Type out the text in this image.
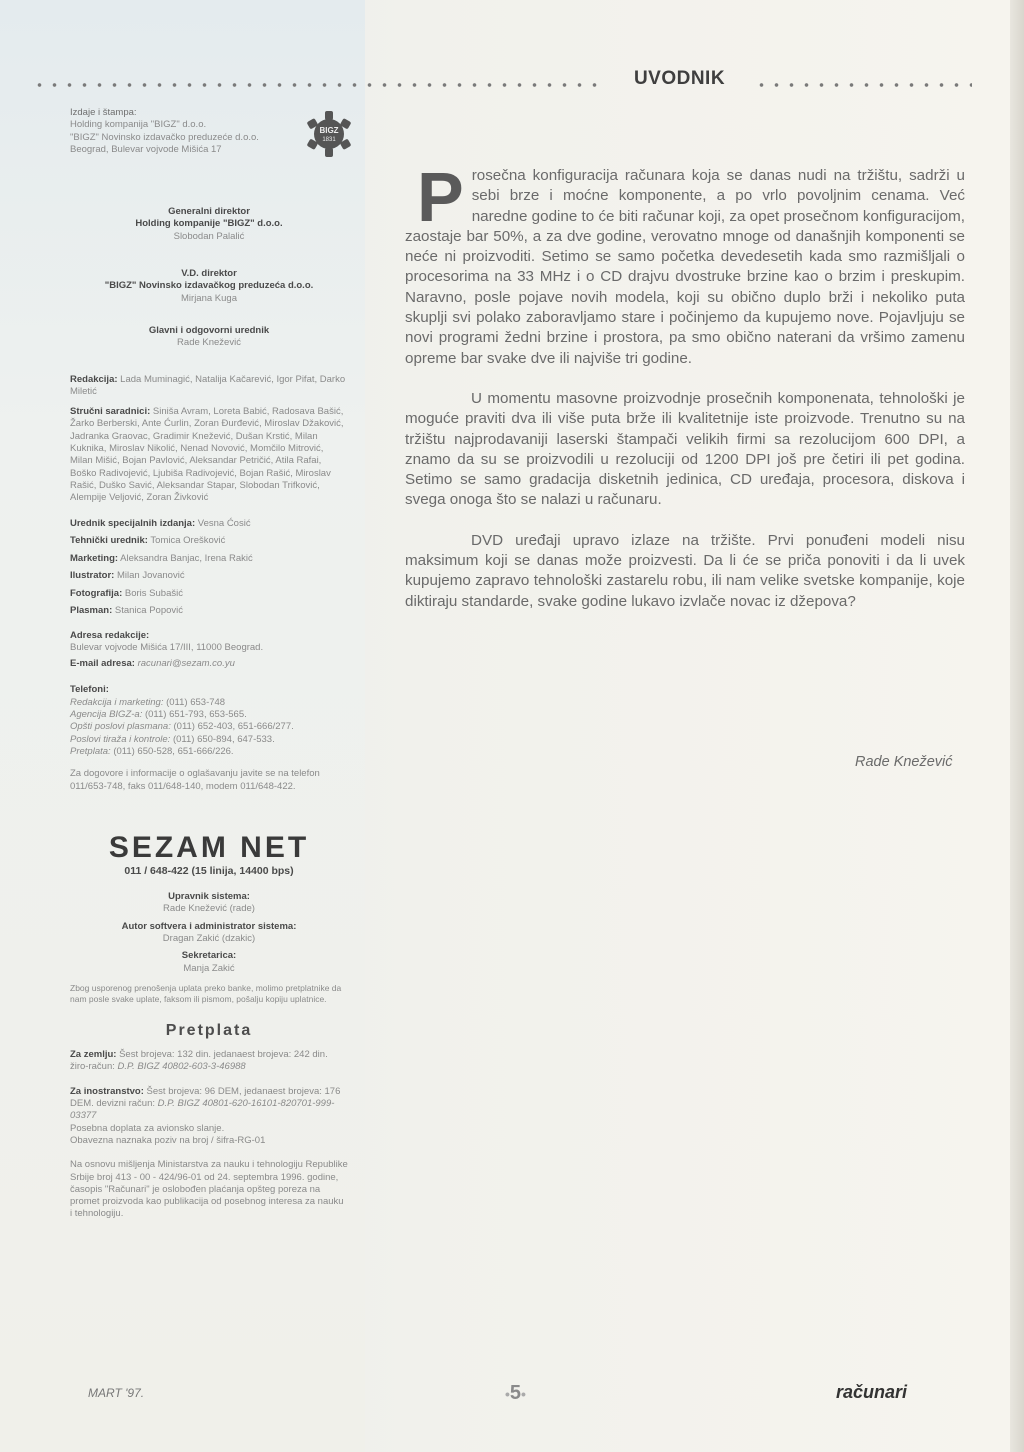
UVODNIK
BIGZ
1831
Izdaje i štampa:
Holding kompanija "BIGZ" d.o.o.
"BIGZ" Novinsko izdavačko preduzeće d.o.o.
Beograd, Bulevar vojvode Mišića 17
Generalni direktor
Holding kompanije "BIGZ" d.o.o.
Slobodan Palalić
V.D. direktor
"BIGZ" Novinsko izdavačkog preduzeća d.o.o.
Mirjana Kuga
Glavni i odgovorni urednik
Rade Knežević
Redakcija: Lada Muminagić, Natalija Kačarević, Igor Pifat, Darko Miletić
Stručni saradnici: Siniša Avram, Loreta Babić, Radosava Bašić, Žarko Berberski, Ante Ćurlin, Zoran Đurđević, Miroslav Džaković, Jadranka Graovac, Gradimir Knežević, Dušan Krstić, Milan Kuknika, Miroslav Nikolić, Nenad Novović, Momčilo Mitrović, Milan Mišić, Bojan Pavlović, Aleksandar Petričić, Atila Rafai, Boško Radivojević, Ljubiša Radivojević, Bojan Rašić, Miroslav Rašić, Duško Savić, Aleksandar Stapar, Slobodan Trifković, Alempije Veljović, Zoran Živković
Urednik specijalnih izdanja: Vesna Ćosić
Tehnički urednik: Tomica Orešković
Marketing: Aleksandra Banjac, Irena Rakić
Ilustrator: Milan Jovanović
Fotografija: Boris Subašić
Plasman: Stanica Popović
Adresa redakcije:
Bulevar vojvode Mišića 17/III, 11000 Beograd.
E-mail adresa: racunari@sezam.co.yu
Telefoni:
Redakcija i marketing: (011) 653-748
Agencija BIGZ-a: (011) 651-793, 653-565.
Opšti poslovi plasmana: (011) 652-403, 651-666/277.
Poslovi tiraža i kontrole: (011) 650-894, 647-533.
Pretplata: (011) 650-528, 651-666/226.
Za dogovore i informacije o oglašavanju javite se na telefon 011/653-748, faks 011/648-140, modem 011/648-422.
SEZAM NET
011 / 648-422 (15 linija, 14400 bps)
Upravnik sistema:
Rade Knežević (rade)
Autor softvera i administrator sistema:
Dragan Zakić (dzakic)
Sekretarica:
Manja Zakić
Zbog usporenog prenošenja uplata preko banke, molimo pretplatnike da nam posle svake uplate, faksom ili pismom, pošalju kopiju uplatnice.
Pretplata
Za zemlju: Šest brojeva: 132 din. jedanaest brojeva: 242 din. žiro-račun: D.P. BIGZ 40802-603-3-46988
Za inostranstvo: Šest brojeva: 96 DEM, jedanaest brojeva: 176 DEM. devizni račun: D.P. BIGZ 40801-620-16101-820701-999-03377
Posebna doplata za avionsko slanje.
Obavezna naznaka poziv na broj / šifra-RG-01
Na osnovu mišljenja Ministarstva za nauku i tehnologiju Republike Srbije broj 413 - 00 - 424/96-01 od 24. septembra 1996. godine, časopis "Računari" je oslobođen plaćanja opšteg poreza na promet proizvoda kao publikacija od posebnog interesa za nauku i tehnologiju.

Prosečna konfiguracija računara koja se danas nudi na tržištu, sadrži u sebi brze i moćne komponente, a po vrlo povoljnim cenama. Već naredne godine to će biti računar koji, za opet prosečnom konfiguracijom, zaostaje bar 50%, a za dve godine, verovatno mnoge od današnjih komponenti se neće ni proizvoditi. Setimo se samo početka devedesetih kada smo razmišljali o procesorima na 33 MHz i o CD drajvu dvostruke brzine kao o brzim i preskupim. Naravno, posle pojave novih modela, koji su obično duplo brži i nekoliko puta skuplji svi polako zaboravljamo stare i počinjemo da kupujemo nove. Pojavljuju se novi programi žedni brzine i prostora, pa smo obično naterani da vršimo zamenu opreme bar svake dve ili najviše tri godine.

U momentu masovne proizvodnje prosečnih komponenata, tehnološki je moguće praviti dva ili više puta brže ili kvalitetnije iste proizvode. Trenutno su na tržištu najprodavaniji laserski štampači velikih firmi sa rezolucijom 600 DPI, a znamo da su se proizvodili u rezoluciji od 1200 DPI još pre četiri ili pet godina. Setimo se samo gradacija disketnih jedinica, CD uređaja, procesora, diskova i svega onoga što se nalazi u računaru.

DVD uređaji upravo izlaze na tržište. Prvi ponuđeni modeli nisu maksimum koji se danas može proizvesti. Da li će se priča ponoviti i da li uvek kupujemo zapravo tehnološki zastarelu robu, ili nam velike svetske kompanije, koje diktiraju standarde, svake godine lukavo izvlače novac iz džepova?

Rade Knežević
MART '97.	•5•	računari
